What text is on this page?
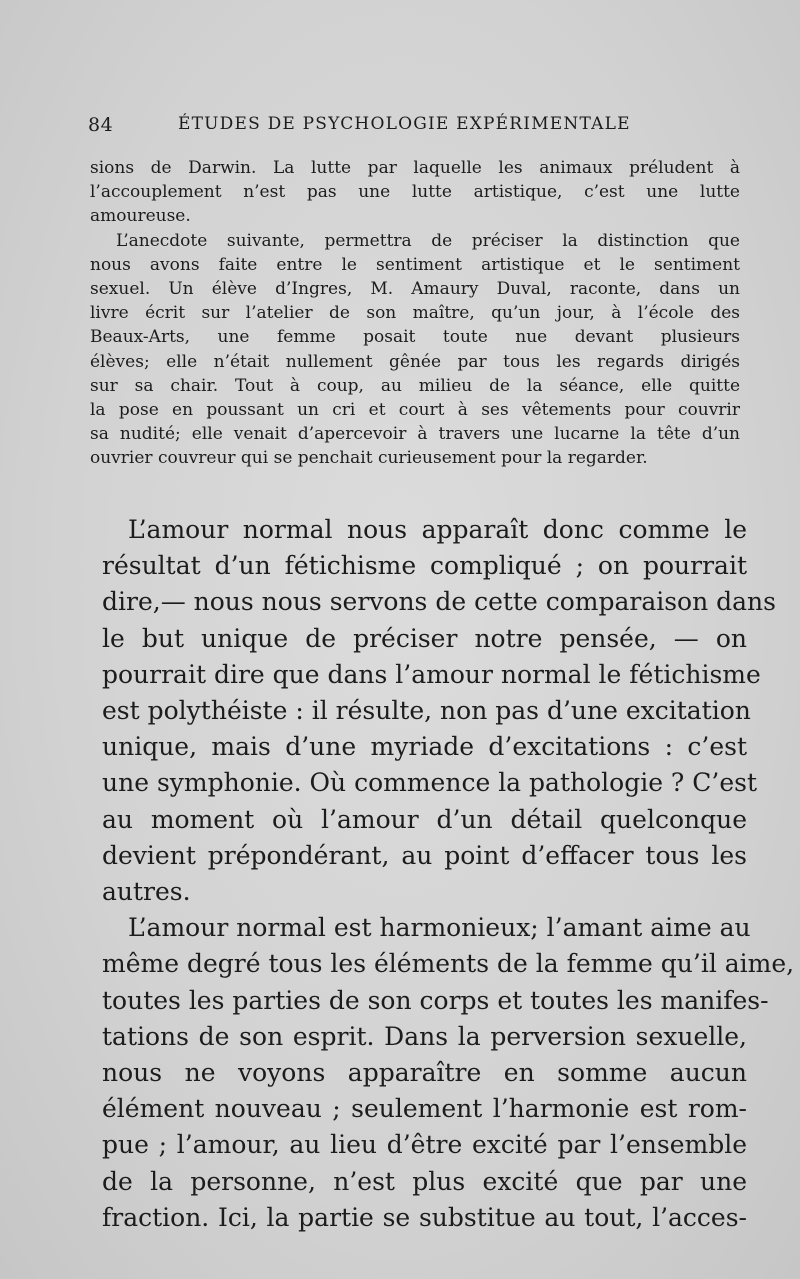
84	ÉTUDES DE PSYCHOLOGIE EXPÉRIMENTALE
sions de Darwin. La lutte par laquelle les animaux préludent à
l’accouplement n’est pas une lutte artistique, c’est une lutte
amoureuse.
L’anecdote suivante, permettra de préciser la distinction que
nous avons faite entre le sentiment artistique et le sentiment
sexuel. Un élève d’Ingres, M. Amaury Duval, raconte, dans un
livre écrit sur l’atelier de son maître, qu’un jour, à l’école des
Beaux-Arts, une femme posait toute nue devant plusieurs
élèves; elle n’était nullement gênée par tous les regards dirigés
sur sa chair. Tout à coup, au milieu de la séance, elle quitte
la pose en poussant un cri et court à ses vêtements pour couvrir
sa nudité; elle venait d’apercevoir à travers une lucarne la tête d’un
ouvrier couvreur qui se penchait curieusement pour la regarder.
L’amour normal nous apparaît donc comme le
résultat d’un fétichisme compliqué ; on pourrait
dire,— nous nous servons de cette comparaison dans
le but unique de préciser notre pensée, — on
pourrait dire que dans l’amour normal le fétichisme
est polythéiste : il résulte, non pas d’une excitation
unique, mais d’une myriade d’excitations : c’est
une symphonie. Où commence la pathologie ? C’est
au moment où l’amour d’un détail quelconque
devient prépondérant, au point d’effacer tous les
autres.
L’amour normal est harmonieux; l’amant aime au
même degré tous les éléments de la femme qu’il aime,
toutes les parties de son corps et toutes les manifes-
tations de son esprit. Dans la perversion sexuelle,
nous ne voyons apparaître en somme aucun
élément nouveau ; seulement l’harmonie est rom-
pue ; l’amour, au lieu d’être excité par l’ensemble
de la personne, n’est plus excité que par une
fraction. Ici, la partie se substitue au tout, l’acces-
